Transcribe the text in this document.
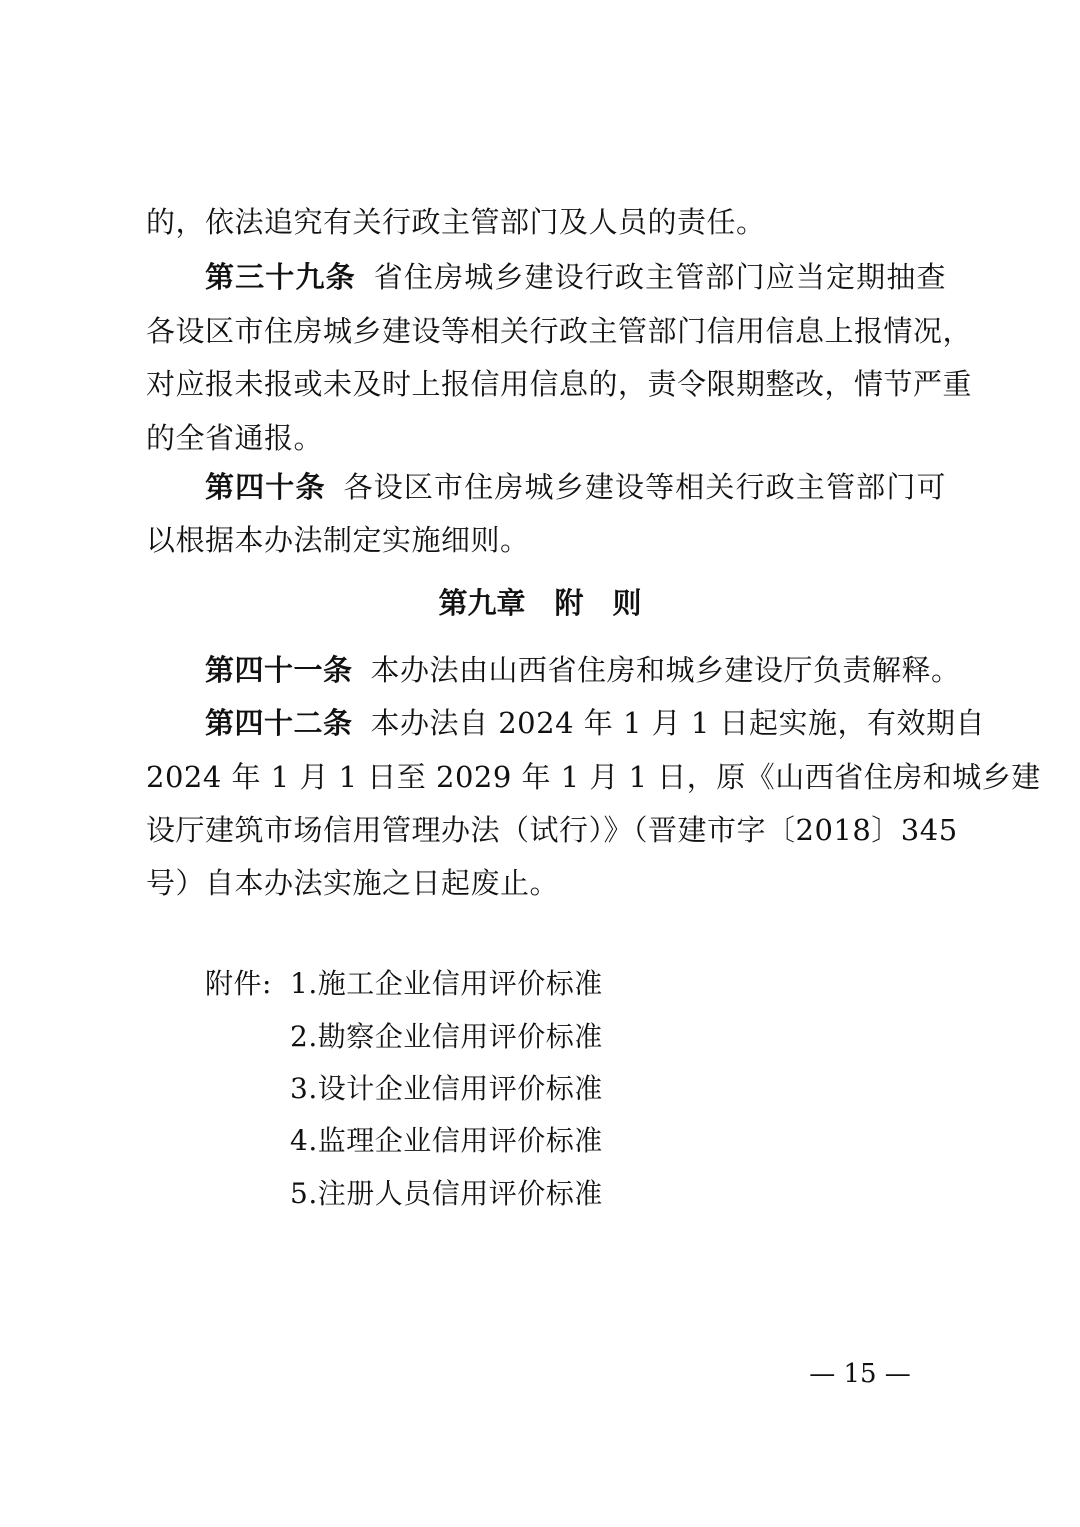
的，依法追究有关行政主管部门及人员的责任。
第三十九条 省住房城乡建设行政主管部门应当定期抽查
各设区市住房城乡建设等相关行政主管部门信用信息上报情况，
对应报未报或未及时上报信用信息的，责令限期整改，情节严重
的全省通报。
第四十条 各设区市住房城乡建设等相关行政主管部门可
以根据本办法制定实施细则。
第九章　附　则
第四十一条 本办法由山西省住房和城乡建设厅负责解释。
第四十二条 本办法自 2024 年 1 月 1 日起实施，有效期自
2024 年 1 月 1 日至 2029 年 1 月 1 日，原《山西省住房和城乡建
设厅建筑市场信用管理办法（试行）》（晋建市字〔2018〕345
号）自本办法实施之日起废止。
附件: 1.施工企业信用评价标准
2.勘察企业信用评价标准
3.设计企业信用评价标准
4.监理企业信用评价标准
5.注册人员信用评价标准
— 15 —
